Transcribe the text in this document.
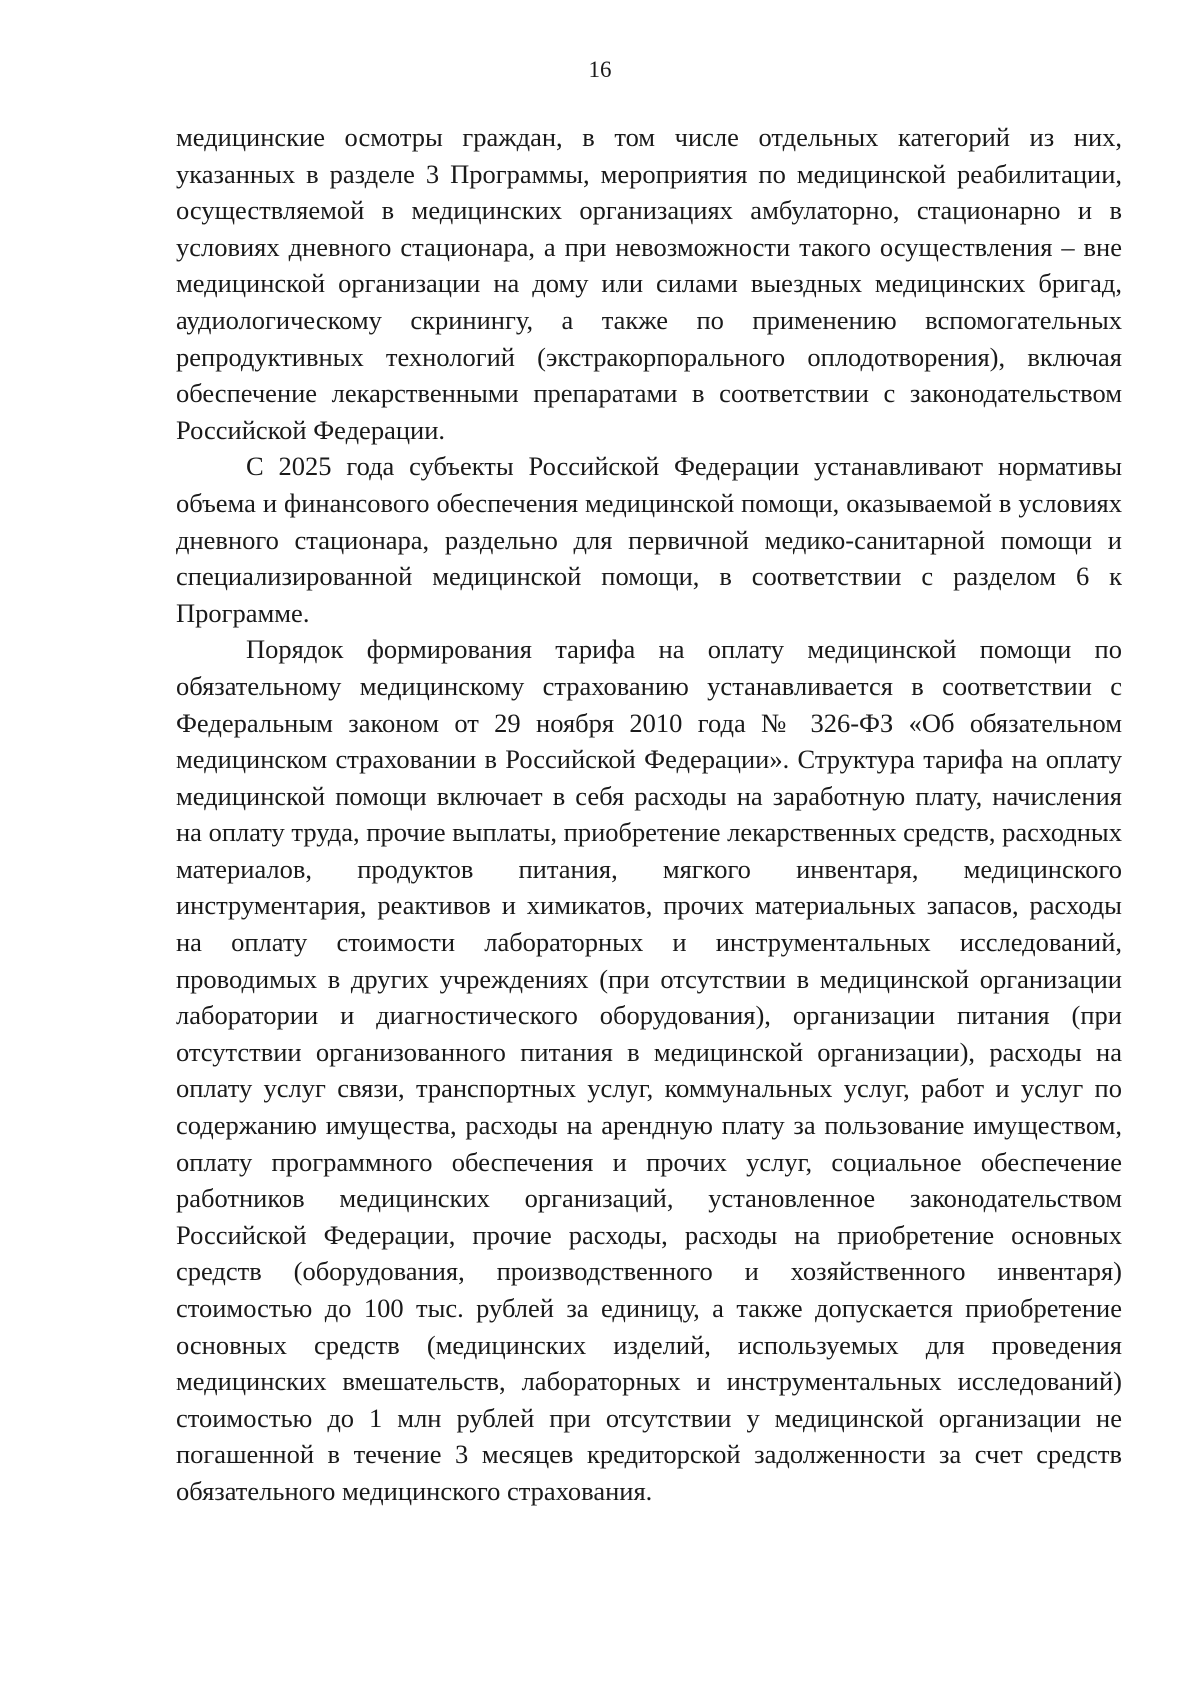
16

медицинские осмотры граждан, в том числе отдельных категорий из них, указанных в разделе 3 Программы, мероприятия по медицинской реабилитации, осуществляемой в медицинских организациях амбулаторно, стационарно и в условиях дневного стационара, а при невозможности такого осуществления – вне медицинской организации на дому или силами выездных медицинских бригад, аудиологическому скринингу, а также по применению вспомогательных репродуктивных технологий (экстракорпорального оплодотворения), включая обеспечение лекарственными препаратами в соответствии с законодательством Российской Федерации.

С 2025 года субъекты Российской Федерации устанавливают нормативы объема и финансового обеспечения медицинской помощи, оказываемой в условиях дневного стационара, раздельно для первичной медико-санитарной помощи и специализированной медицинской помощи, в соответствии с разделом 6 к Программе.

Порядок формирования тарифа на оплату медицинской помощи по обязательному медицинскому страхованию устанавливается в соответствии с Федеральным законом от 29 ноября 2010 года № 326-ФЗ «Об обязательном медицинском страховании в Российской Федерации». Структура тарифа на оплату медицинской помощи включает в себя расходы на заработную плату, начисления на оплату труда, прочие выплаты, приобретение лекарственных средств, расходных материалов, продуктов питания, мягкого инвентаря, медицинского инструментария, реактивов и химикатов, прочих материальных запасов, расходы на оплату стоимости лабораторных и инструментальных исследований, проводимых в других учреждениях (при отсутствии в медицинской организации лаборатории и диагностического оборудования), организации питания (при отсутствии организованного питания в медицинской организации), расходы на оплату услуг связи, транспортных услуг, коммунальных услуг, работ и услуг по содержанию имущества, расходы на арендную плату за пользование имуществом, оплату программного обеспечения и прочих услуг, социальное обеспечение работников медицинских организаций, установленное законодательством Российской Федерации, прочие расходы, расходы на приобретение основных средств (оборудования, производственного и хозяйственного инвентаря) стоимостью до 100 тыс. рублей за единицу, а также допускается приобретение основных средств (медицинских изделий, используемых для проведения медицинских вмешательств, лабораторных и инструментальных исследований) стоимостью до 1 млн рублей при отсутствии у медицинской организации не погашенной в течение 3 месяцев кредиторской задолженности за счет средств обязательного медицинского страхования.
